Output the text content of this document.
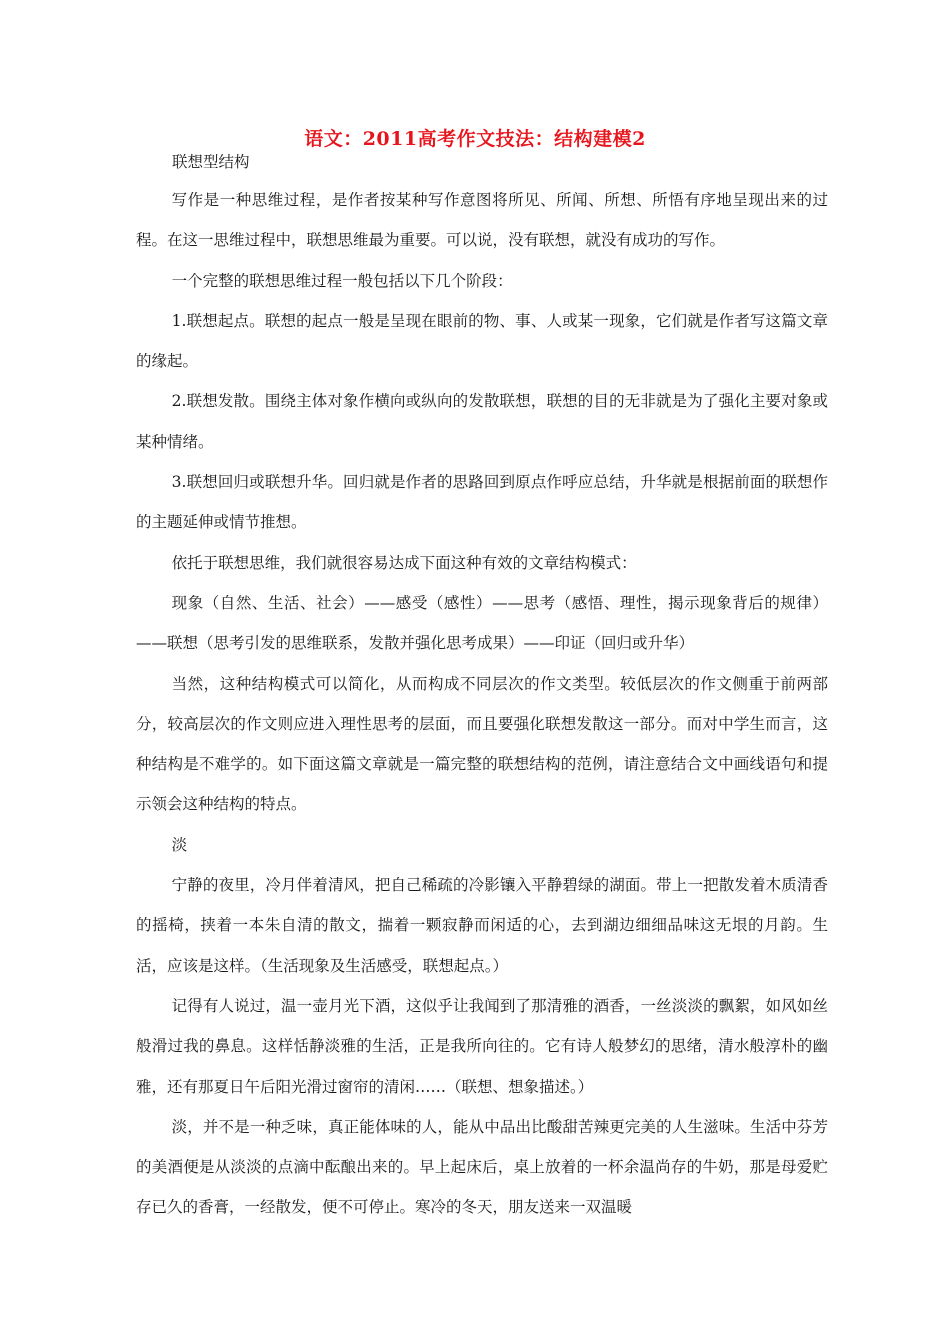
语文：2011高考作文技法：结构建模2
联想型结构

写作是一种思维过程，是作者按某种写作意图将所见、所闻、所想、所悟有序地呈现出来的过程。在这一思维过程中，联想思维最为重要。可以说，没有联想，就没有成功的写作。

一个完整的联想思维过程一般包括以下几个阶段：

1.联想起点。联想的起点一般是呈现在眼前的物、事、人或某一现象，它们就是作者写这篇文章的缘起。

2.联想发散。围绕主体对象作横向或纵向的发散联想，联想的目的无非就是为了强化主要对象或某种情绪。

3.联想回归或联想升华。回归就是作者的思路回到原点作呼应总结，升华就是根据前面的联想作的主题延伸或情节推想。

依托于联想思维，我们就很容易达成下面这种有效的文章结构模式：

现象（自然、生活、社会）——感受（感性）——思考（感悟、理性，揭示现象背后的规律）——联想（思考引发的思维联系，发散并强化思考成果）——印证（回归或升华）

当然，这种结构模式可以简化，从而构成不同层次的作文类型。较低层次的作文侧重于前两部分，较高层次的作文则应进入理性思考的层面，而且要强化联想发散这一部分。而对中学生而言，这种结构是不难学的。如下面这篇文章就是一篇完整的联想结构的范例，请注意结合文中画线语句和提示领会这种结构的特点。

淡

宁静的夜里，冷月伴着清风，把自己稀疏的冷影镶入平静碧绿的湖面。带上一把散发着木质清香的摇椅，挟着一本朱自清的散文，揣着一颗寂静而闲适的心，去到湖边细细品味这无垠的月韵。生活，应该是这样。（生活现象及生活感受，联想起点。）

记得有人说过，温一壶月光下酒，这似乎让我闻到了那清雅的酒香，一丝淡淡的飘絮，如风如丝般滑过我的鼻息。这样恬静淡雅的生活，正是我所向往的。它有诗人般梦幻的思绪，清水般淳朴的幽雅，还有那夏日午后阳光滑过窗帘的清闲……（联想、想象描述。）

淡，并不是一种乏味，真正能体味的人，能从中品出比酸甜苦辣更完美的人生滋味。生活中芬芳的美酒便是从淡淡的点滴中酝酿出来的。早上起床后，桌上放着的一杯余温尚存的牛奶，那是母爱贮存已久的香膏，一经散发，便不可停止。寒冷的冬天，朋友送来一双温暖
